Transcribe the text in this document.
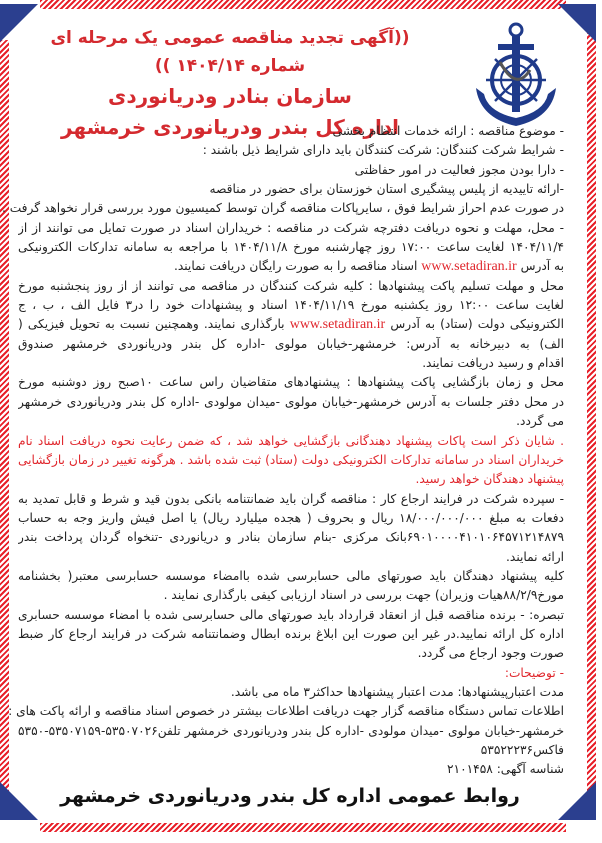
((آگهی تجدید مناقصه عمومی یک مرحله ای شماره ۱۴۰۴/۱۴ ))
سازمان بنادر ودریانوردی
اداره کل بندر ودریانوردی خرمشهر
- موضوع مناقصه : ارائه خدمات انتظام بخشی
- شرایط شرکت کنندگان: شرکت کنندگان باید دارای شرایط ذیل باشند :
- دارا بودن مجوز فعالیت در امور حفاظتی
-ارائه تاییدیه از پلیس پیشگیری استان خوزستان برای حضور در مناقصه
در صورت عدم احراز شرایط فوق ، سایرپاکات مناقصه گران توسط کمیسیون مورد بررسی قرار نخواهد گرفت .
- محل، مهلت و نحوه دریافت دفترچه شرکت در مناقصه : خریداران اسناد در صورت تمایل می توانند از از
۱۴۰۴/۱۱/۴ لغایت ساعت ۱۷:۰۰ روز چهارشنبه مورخ ۱۴۰۴/۱۱/۸ با مراجعه به سامانه تدارکات الکترونیکی
به آدرس www.setadiran.ir اسناد مناقصه را به صورت رایگان دریافت نمایند.
محل و مهلت تسلیم پاکت پیشنهادها : کلیه شرکت کنندگان در مناقصه می توانند از از روز پنجشنبه مورخ
لغایت ساعت ۱۲:۰۰ روز یکشنبه مورخ ۱۴۰۴/۱۱/۱۹ اسناد و پیشنهادات خود را در۳ فایل الف ، ب ، ج
الکترونیکی دولت (ستاد) به آدرس www.setadiran.ir بارگذاری نمایند. وهمچنین نسبت به تحویل فیزیکی (
الف) به دبیرخانه به آدرس: خرمشهر-خیابان مولوی -اداره کل بندر ودریانوردی خرمشهر صندوق
اقدام و رسید دریافت نمایند.
محل و زمان بازگشایی پاکت پیشنهادها : پیشنهادهای متقاضیان راس ساعت ۱۰صبح روز دوشنبه مورخ
در محل دفتر جلسات به آدرس خرمشهر-خیابان مولوی -میدان مولودی -اداره کل بندر ودریانوردی خرمشهر
می گردد.
. شایان ذکر است پاکات پیشنهاد دهندگانی بازگشایی خواهد شد ، که ضمن رعایت نحوه دریافت اسناد نام
خریداران اسناد در سامانه تدارکات الکترونیکی دولت (ستاد) ثبت شده باشد . هرگونه تغییر در زمان بازگشایی
پیشنهاد دهندگان خواهد رسید.
- سپرده شرکت در فرایند ارجاع کار : مناقصه گران باید ضمانتنامه بانکی بدون قید و شرط و قابل تمدید به
دفعات به مبلغ ۱۸/۰۰۰/۰۰۰/۰۰۰ ریال و بحروف ( هجده میلیارد ریال) یا اصل فیش واریز وجه به حساب
۶۹۰۱۰۰۰۰۴۱۰۱۰۶۴۵۷۱۲۱۴۸۷۹بانک مرکزی -بنام سازمان بنادر و دریانوردی -تنخواه گردان پرداخت بندر
ارائه نمایند.
کلیه پیشنهاد دهندگان باید صورتهای مالی حسابرسی شده باامضاء موسسه حسابرسی معتبر( بخشنامه
مورخ۸۸/۲/۹هیات وزیران) جهت بررسی در اسناد ارزیابی کیفی بارگذاری نمایند .
تبصره: - برنده مناقصه قبل از انعقاد قرارداد باید صورتهای مالی حسابرسی شده با امضاء موسسه حسابری
اداره کل ارائه نمایید.در غیر این صورت این ابلاغ برنده ابطال وضمانتنامه شرکت در فرایند ارجاع کار ضبط
صورت وجود ارجاع می گردد.
- توضیحات:
مدت اعتبارپیشنهادها: مدت اعتبار پیشنهادها حداکثر۳ ماه می باشد.
اطلاعات تماس دستگاه مناقصه گزار جهت دریافت اطلاعات بیشتر در خصوص اسناد مناقصه و ارائه پاکت های :
خرمشهر-خیابان مولوی -میدان مولودی -اداره کل بندر ودریانوردی خرمشهر تلفن۵۳۵۰۷۰۲۶-۵۳۵۰۷۱۵۹-۵۳۵۰
فاکس۵۳۵۲۲۲۳۶
شناسه آگهی: ۲۱۰۱۴۵۸
روابط عمومی اداره کل بندر ودریانوردی خرمشهر
